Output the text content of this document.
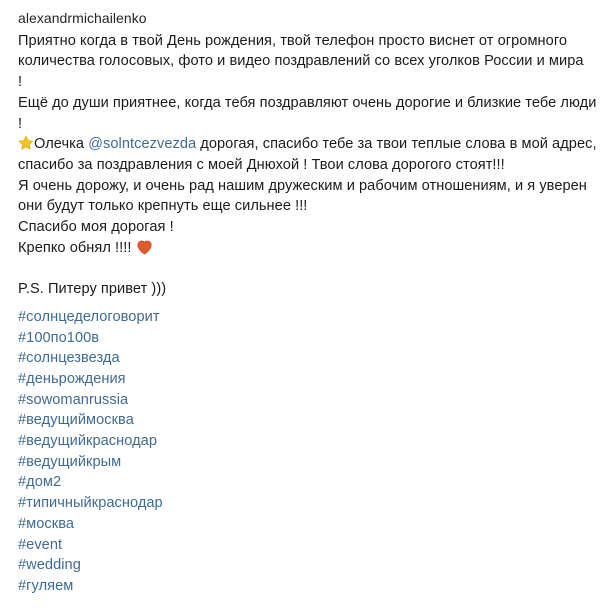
alexandrmichailenko
Приятно когда в твой День рождения, твой телефон просто виснет от огромного
количества голосовых, фото и видео поздравлений со всех уголков России и мира
!
Ещё до души приятнее, когда тебя поздравляют очень дорогие и близкие тебе люди
!
Олечка @solntcezvezda дорогая, спасибо тебе за твои теплые слова в мой адрес,
спасибо за поздравления с моей Днюхой ! Твои слова дорогого стоят!!!
Я очень дорожу, и очень рад нашим дружеским и рабочим отношениям, и я уверен
они будут только крепнуть еще сильнее !!!
Спасибо моя дорогая !
Крепко обнял !!!!
P.S. Питеру привет )))
#солнцеделоговорит
#100по100в
#солнцезвезда
#деньрождения
#sowomanrussia
#ведущиймосква
#ведущийкраснодар
#ведущийкрым
#дом2
#типичныйкраснодар
#москва
#event
#wedding
#гуляем
